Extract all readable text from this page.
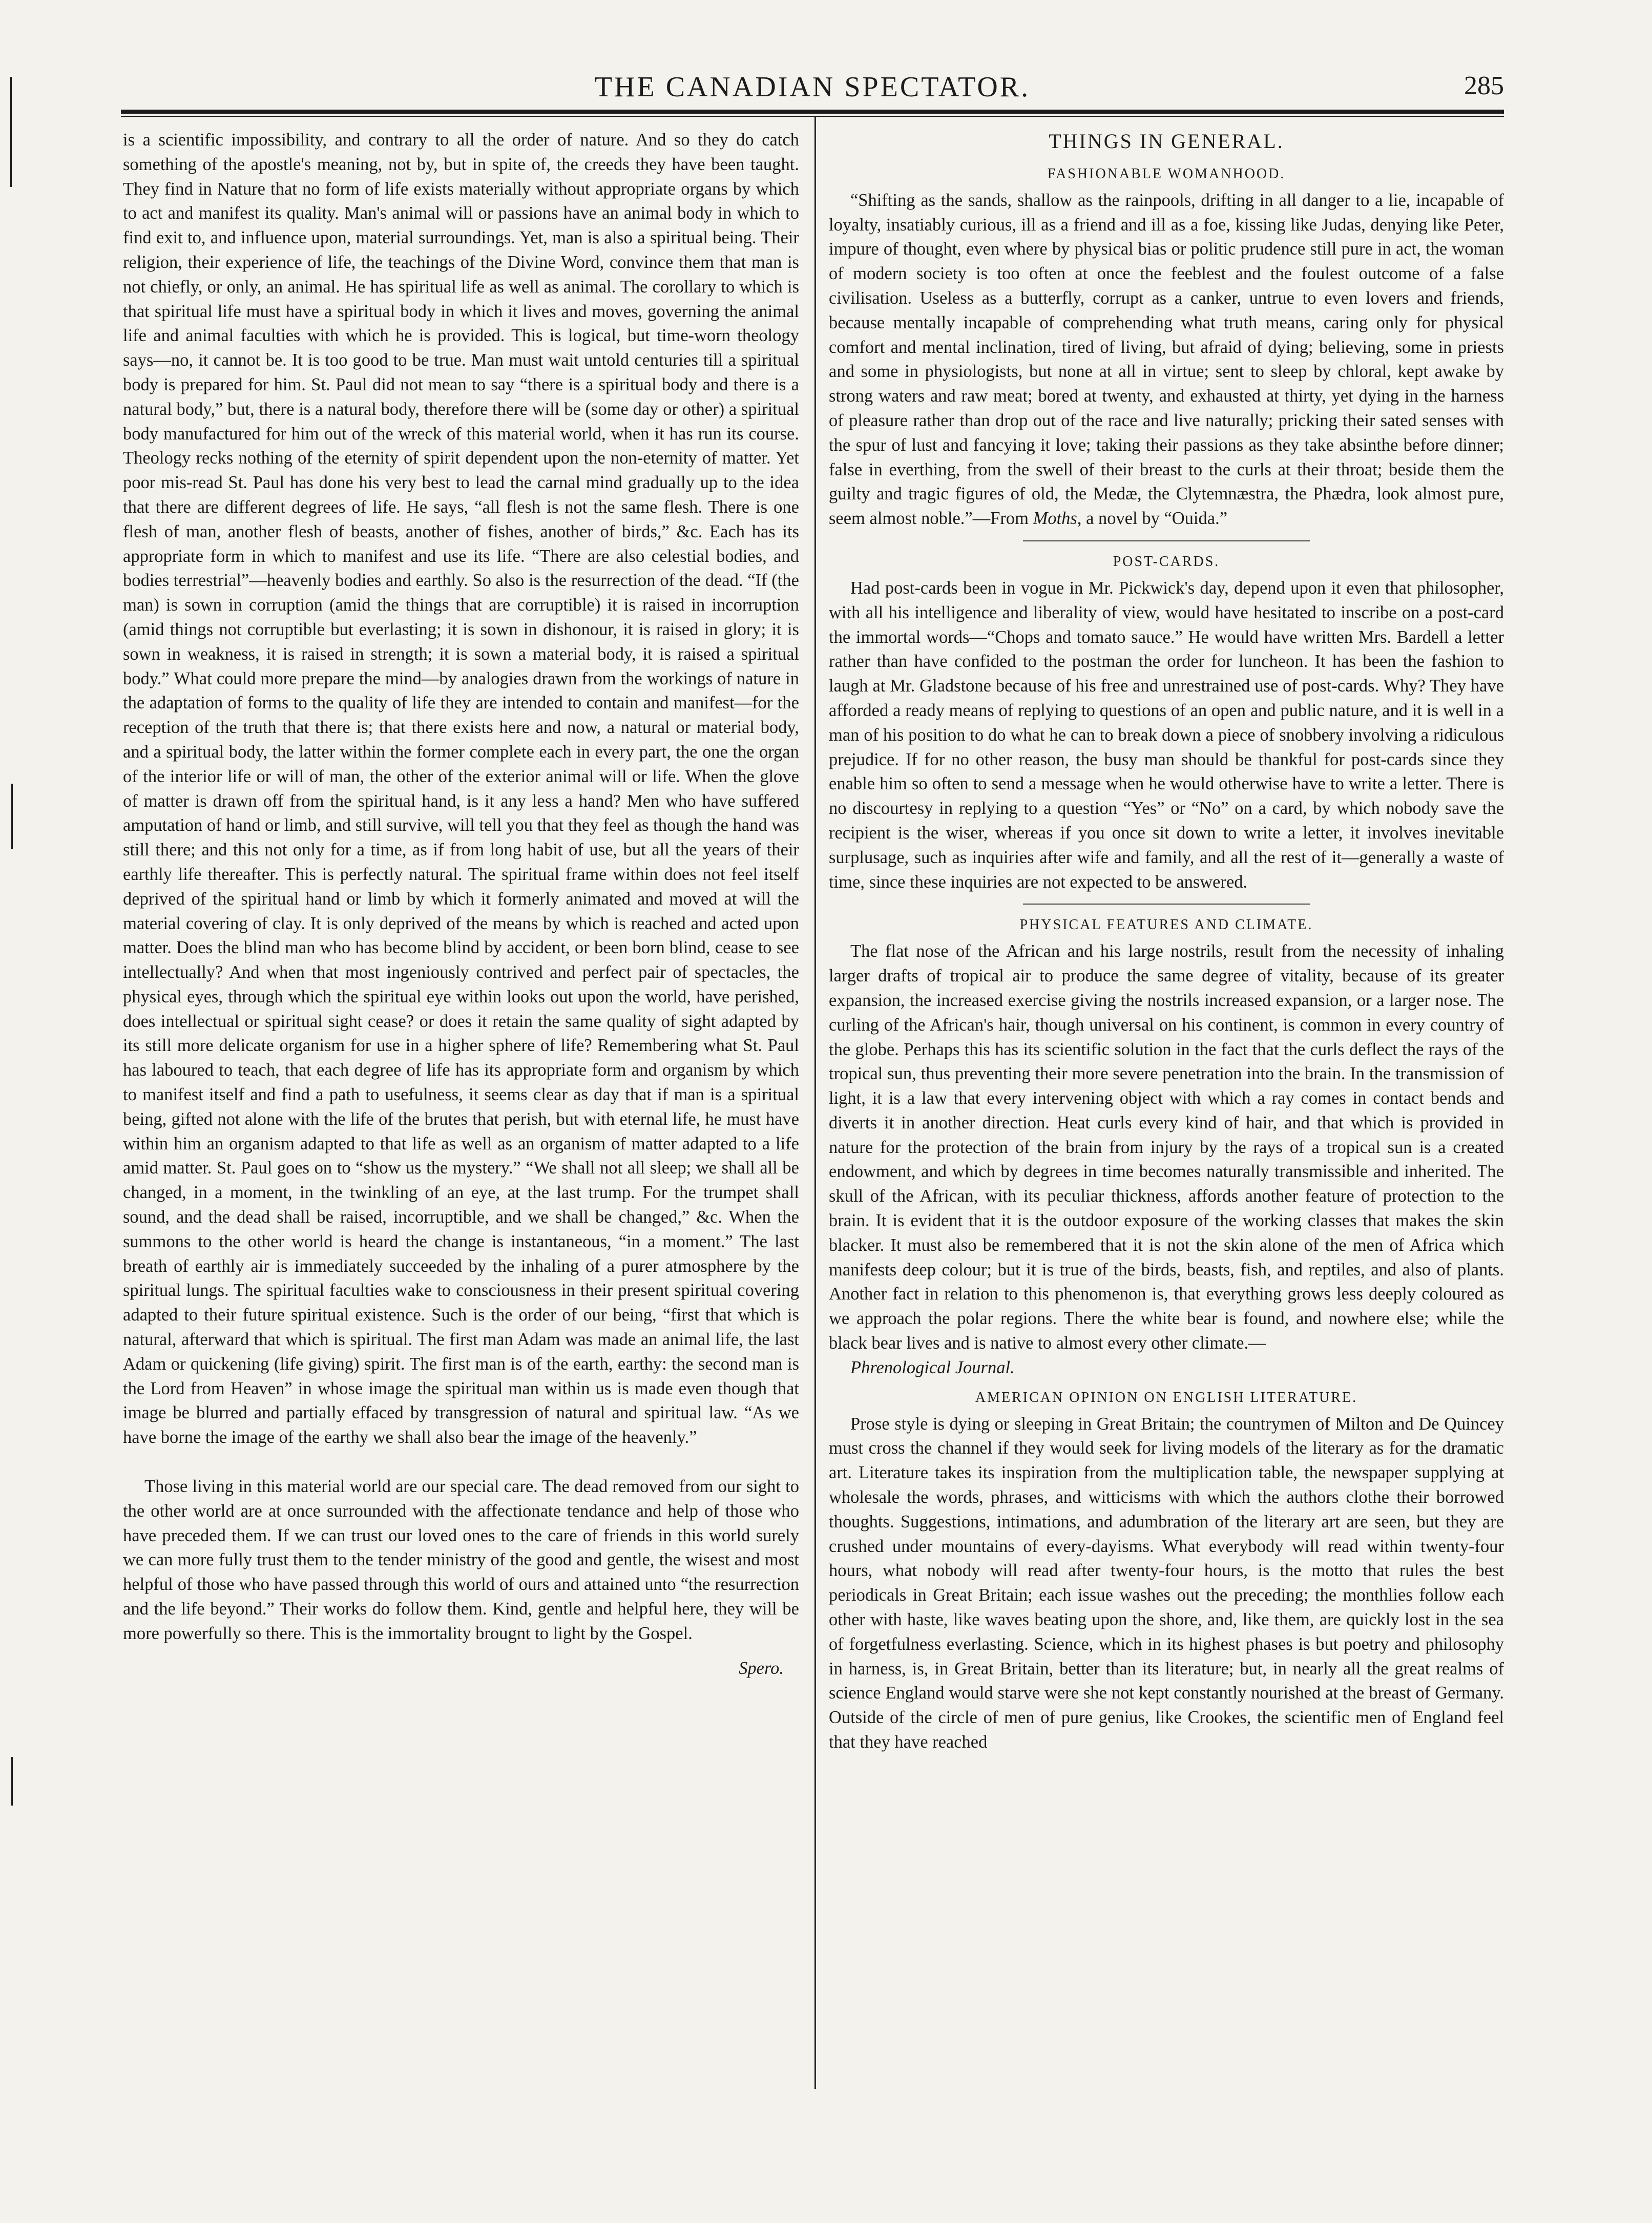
THE CANADIAN SPECTATOR.	285

is a scientific impossibility, and contrary to all the order of nature. And so they do catch something of the apostle's meaning, not by, but in spite of, the creeds they have been taught. They find in Nature that no form of life exists materially without appropriate organs by which to act and manifest its quality. Man's animal will or passions have an animal body in which to find exit to, and influence upon, material surroundings. Yet, man is also a spiritual being. Their religion, their experience of life, the teachings of the Divine Word, convince them that man is not chiefly, or only, an animal. He has spiritual life as well as animal. The corollary to which is that spiritual life must have a spiritual body in which it lives and moves, governing the animal life and animal faculties with which he is provided. This is logical, but time-worn theology says—no, it cannot be. It is too good to be true. Man must wait untold centuries till a spiritual body is prepared for him. St. Paul did not mean to say “there is a spiritual body and there is a natural body,” but, there is a natural body, therefore there will be (some day or other) a spiritual body manufactured for him out of the wreck of this material world, when it has run its course. Theology recks nothing of the eternity of spirit dependent upon the non-eternity of matter. Yet poor mis-read St. Paul has done his very best to lead the carnal mind gradually up to the idea that there are different degrees of life. He says, “all flesh is not the same flesh. There is one flesh of man, another flesh of beasts, another of fishes, another of birds,” &c. Each has its appropriate form in which to manifest and use its life. “There are also celestial bodies, and bodies terrestrial”—heavenly bodies and earthly. So also is the resurrection of the dead. “If (the man) is sown in corruption (amid the things that are corruptible) it is raised in incorruption (amid things not corruptible but everlasting; it is sown in dishonour, it is raised in glory; it is sown in weakness, it is raised in strength; it is sown a material body, it is raised a spiritual body.” What could more prepare the mind—by analogies drawn from the workings of nature in the adaptation of forms to the quality of life they are intended to contain and manifest—for the reception of the truth that there is; that there exists here and now, a natural or material body, and a spiritual body, the latter within the former complete each in every part, the one the organ of the interior life or will of man, the other of the exterior animal will or life. When the glove of matter is drawn off from the spiritual hand, is it any less a hand? Men who have suffered amputation of hand or limb, and still survive, will tell you that they feel as though the hand was still there; and this not only for a time, as if from long habit of use, but all the years of their earthly life thereafter. This is perfectly natural. The spiritual frame within does not feel itself deprived of the spiritual hand or limb by which it formerly animated and moved at will the material covering of clay. It is only deprived of the means by which is reached and acted upon matter. Does the blind man who has become blind by accident, or been born blind, cease to see intellectually? And when that most ingeniously contrived and perfect pair of spectacles, the physical eyes, through which the spiritual eye within looks out upon the world, have perished, does intellectual or spiritual sight cease? or does it retain the same quality of sight adapted by its still more delicate organism for use in a higher sphere of life? Remembering what St. Paul has laboured to teach, that each degree of life has its appropriate form and organism by which to manifest itself and find a path to usefulness, it seems clear as day that if man is a spiritual being, gifted not alone with the life of the brutes that perish, but with eternal life, he must have within him an organism adapted to that life as well as an organism of matter adapted to a life amid matter. St. Paul goes on to “show us the mystery.” “We shall not all sleep; we shall all be changed, in a moment, in the twinkling of an eye, at the last trump. For the trumpet shall sound, and the dead shall be raised, incorruptible, and we shall be changed,” &c. When the summons to the other world is heard the change is instantaneous, “in a moment.” The last breath of earthly air is immediately succeeded by the inhaling of a purer atmosphere by the spiritual lungs. The spiritual faculties wake to consciousness in their present spiritual covering adapted to their future spiritual existence. Such is the order of our being, “first that which is natural, afterward that which is spiritual. The first man Adam was made an animal life, the last Adam or quickening (life giving) spirit. The first man is of the earth, earthy: the second man is the Lord from Heaven” in whose image the spiritual man within us is made even though that image be blurred and partially effaced by transgression of natural and spiritual law. “As we have borne the image of the earthy we shall also bear the image of the heavenly.”

Those living in this material world are our special care. The dead removed from our sight to the other world are at once surrounded with the affectionate tendance and help of those who have preceded them. If we can trust our loved ones to the care of friends in this world surely we can more fully trust them to the tender ministry of the good and gentle, the wisest and most helpful of those who have passed through this world of ours and attained unto “the resurrection and the life beyond.” Their works do follow them. Kind, gentle and helpful here, they will be more powerfully so there. This is the immortality brougnt to light by the Gospel.

Spero.

THINGS IN GENERAL.

FASHIONABLE WOMANHOOD.

“Shifting as the sands, shallow as the rainpools, drifting in all danger to a lie, incapable of loyalty, insatiably curious, ill as a friend and ill as a foe, kissing like Judas, denying like Peter, impure of thought, even where by physical bias or politic prudence still pure in act, the woman of modern society is too often at once the feeblest and the foulest outcome of a false civilisation. Useless as a butterfly, corrupt as a canker, untrue to even lovers and friends, because mentally incapable of comprehending what truth means, caring only for physical comfort and mental inclination, tired of living, but afraid of dying; believing, some in priests and some in physiologists, but none at all in virtue; sent to sleep by chloral, kept awake by strong waters and raw meat; bored at twenty, and exhausted at thirty, yet dying in the harness of pleasure rather than drop out of the race and live naturally; pricking their sated senses with the spur of lust and fancying it love; taking their passions as they take absinthe before dinner; false in everthing, from the swell of their breast to the curls at their throat; beside them the guilty and tragic figures of old, the Medæ, the Clytemnæstra, the Phædra, look almost pure, seem almost noble.”—From Moths, a novel by “Ouida.”

POST-CARDS.

Had post-cards been in vogue in Mr. Pickwick's day, depend upon it even that philosopher, with all his intelligence and liberality of view, would have hesitated to inscribe on a post-card the immortal words—“Chops and tomato sauce.” He would have written Mrs. Bardell a letter rather than have confided to the postman the order for luncheon. It has been the fashion to laugh at Mr. Gladstone because of his free and unrestrained use of post-cards. Why? They have afforded a ready means of replying to questions of an open and public nature, and it is well in a man of his position to do what he can to break down a piece of snobbery involving a ridiculous prejudice. If for no other reason, the busy man should be thankful for post-cards since they enable him so often to send a message when he would otherwise have to write a letter. There is no discourtesy in replying to a question “Yes” or “No” on a card, by which nobody save the recipient is the wiser, whereas if you once sit down to write a letter, it involves inevitable surplusage, such as inquiries after wife and family, and all the rest of it—generally a waste of time, since these inquiries are not expected to be answered.

PHYSICAL FEATURES AND CLIMATE.

The flat nose of the African and his large nostrils, result from the necessity of inhaling larger drafts of tropical air to produce the same degree of vitality, because of its greater expansion, the increased exercise giving the nostrils increased expansion, or a larger nose. The curling of the African's hair, though universal on his continent, is common in every country of the globe. Perhaps this has its scientific solution in the fact that the curls deflect the rays of the tropical sun, thus preventing their more severe penetration into the brain. In the transmission of light, it is a law that every intervening object with which a ray comes in contact bends and diverts it in another direction. Heat curls every kind of hair, and that which is provided in nature for the protection of the brain from injury by the rays of a tropical sun is a created endowment, and which by degrees in time becomes naturally transmissible and inherited. The skull of the African, with its peculiar thickness, affords another feature of protection to the brain. It is evident that it is the outdoor exposure of the working classes that makes the skin blacker. It must also be remembered that it is not the skin alone of the men of Africa which manifests deep colour; but it is true of the birds, beasts, fish, and reptiles, and also of plants. Another fact in relation to this phenomenon is, that everything grows less deeply coloured as we approach the polar regions. There the white bear is found, and nowhere else; while the black bear lives and is native to almost every other climate.—
Phrenological Journal.

AMERICAN OPINION ON ENGLISH LITERATURE.

Prose style is dying or sleeping in Great Britain; the countrymen of Milton and De Quincey must cross the channel if they would seek for living models of the literary as for the dramatic art. Literature takes its inspiration from the multiplication table, the newspaper supplying at wholesale the words, phrases, and witticisms with which the authors clothe their borrowed thoughts. Suggestions, intimations, and adumbration of the literary art are seen, but they are crushed under mountains of every-dayisms. What everybody will read within twenty-four hours, what nobody will read after twenty-four hours, is the motto that rules the best periodicals in Great Britain; each issue washes out the preceding; the monthlies follow each other with haste, like waves beating upon the shore, and, like them, are quickly lost in the sea of forgetfulness everlasting. Science, which in its highest phases is but poetry and philosophy in harness, is, in Great Britain, better than its literature; but, in nearly all the great realms of science England would starve were she not kept constantly nourished at the breast of Germany. Outside of the circle of men of pure genius, like Crookes, the scientific men of England feel that they have reached
